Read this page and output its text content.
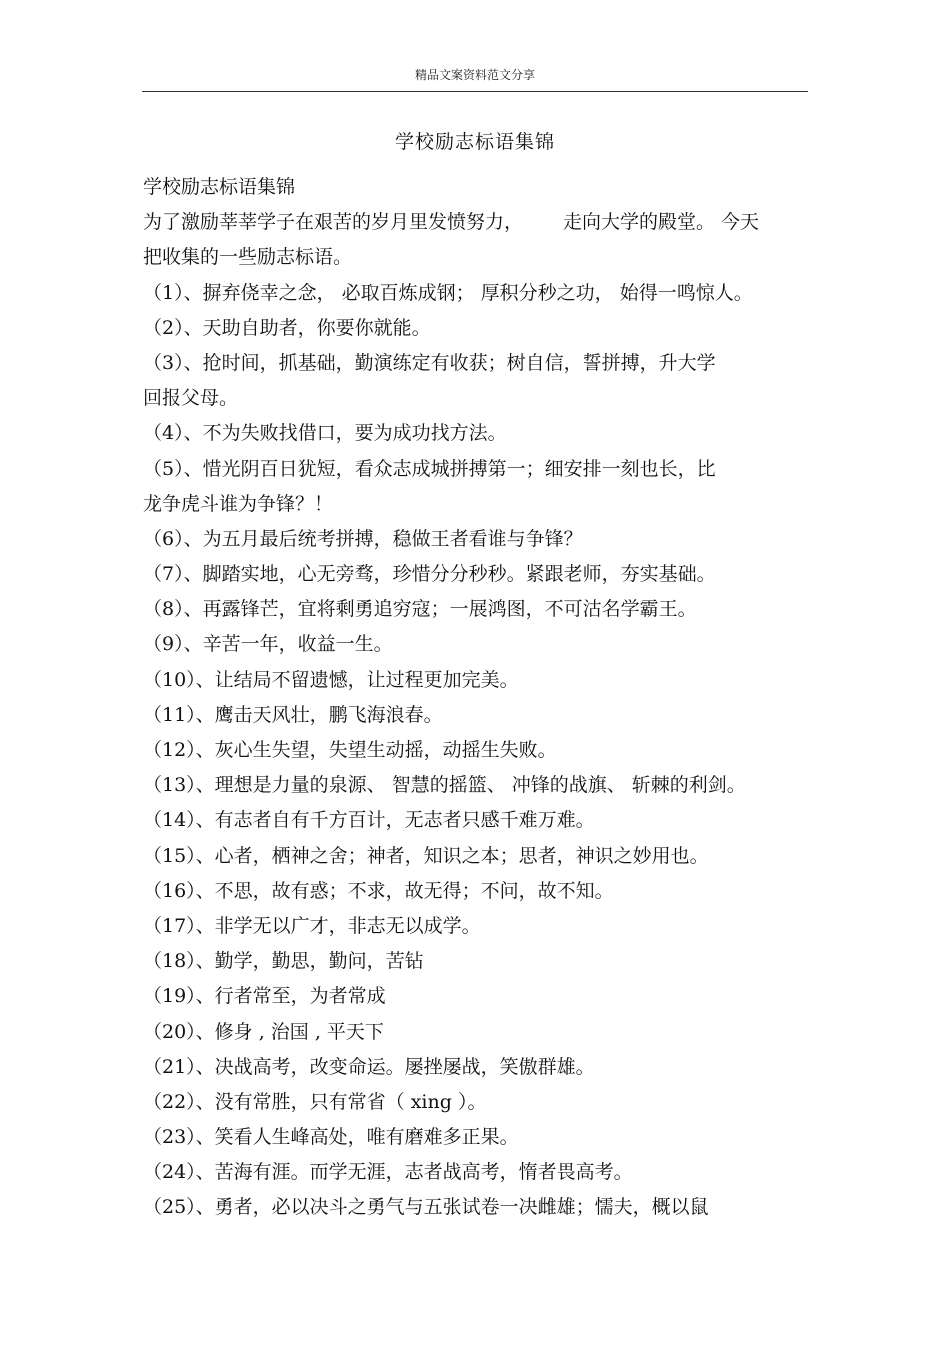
精品文案资料范文分享
学校励志标语集锦
学校励志标语集锦
为了激励莘莘学子在艰苦的岁月里发愤努力， 走向大学的殿堂。 今天
把收集的一些励志标语。
（1）、摒弃侥幸之念， 必取百炼成钢； 厚积分秒之功， 始得一鸣惊人。
（2）、天助自助者，你要你就能。
（3）、抢时间，抓基础，勤演练定有收获；树自信，誓拼搏，升大学
回报父母。
（4）、不为失败找借口，要为成功找方法。
（5）、惜光阴百日犹短，看众志成城拼搏第一；细安排一刻也长，比
龙争虎斗谁为争锋？！
（6）、为五月最后统考拼搏，稳做王者看谁与争锋？
（7）、脚踏实地，心无旁骛，珍惜分分秒秒。紧跟老师，夯实基础。
（8）、再露锋芒，宜将剩勇追穷寇；一展鸿图，不可沽名学霸王。
（9）、辛苦一年，收益一生。
（10）、让结局不留遗憾，让过程更加完美。
（11）、鹰击天风壮，鹏飞海浪春。
（12）、灰心生失望，失望生动摇，动摇生失败。
（13）、理想是力量的泉源、 智慧的摇篮、 冲锋的战旗、 斩棘的利剑。
（14）、有志者自有千方百计，无志者只感千难万难。
（15）、心者，栖神之舍；神者，知识之本；思者，神识之妙用也。
（16）、不思，故有惑；不求，故无得；不问，故不知。
（17）、非学无以广才，非志无以成学。
（18）、勤学，勤思，勤问，苦钻
（19）、行者常至，为者常成
（20）、修身 , 治国 , 平天下
（21）、决战高考，改变命运。屡挫屡战，笑傲群雄。
（22）、没有常胜，只有常省（ xing ）。
（23）、笑看人生峰高处，唯有磨难多正果。
（24）、苦海有涯。而学无涯，志者战高考，惰者畏高考。
（25）、勇者，必以决斗之勇气与五张试卷一决雌雄；懦夫，概以鼠
